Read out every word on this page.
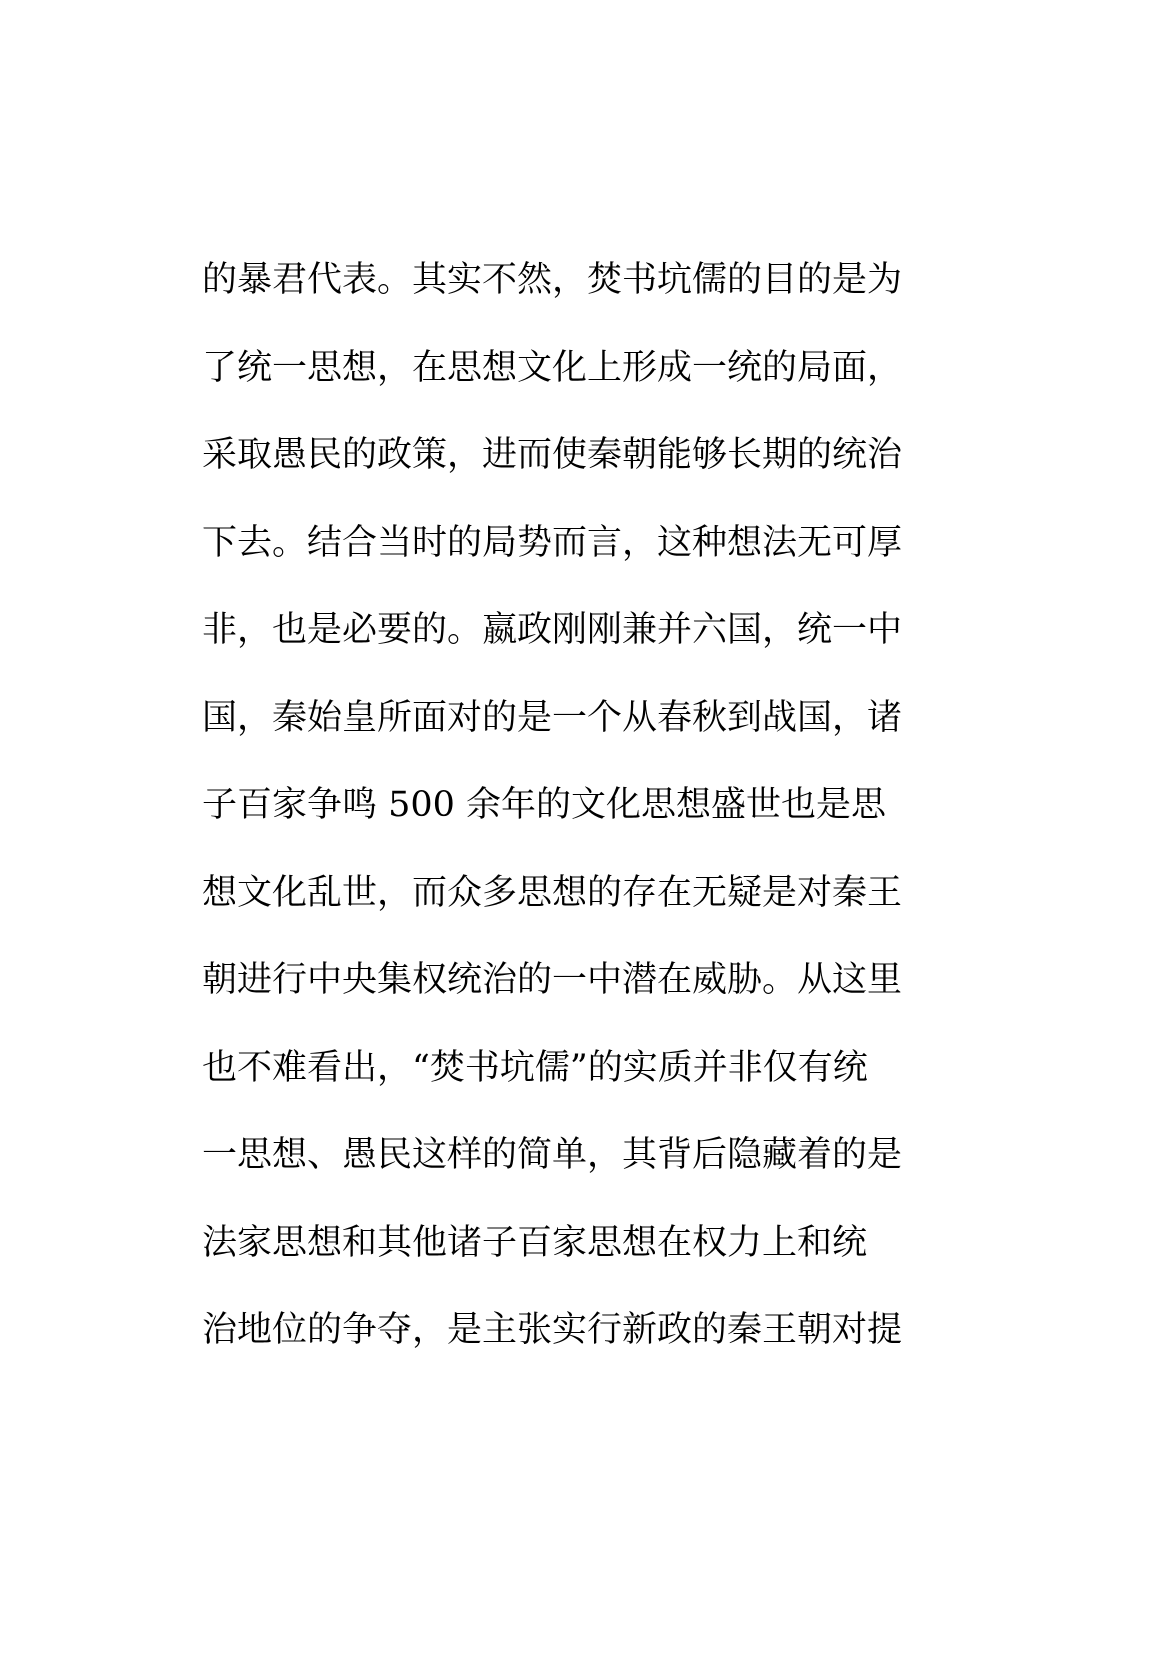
的暴君代表。其实不然，焚书坑儒的目的是为
了统一思想，在思想文化上形成一统的局面，
采取愚民的政策，进而使秦朝能够长期的统治
下去。结合当时的局势而言，这种想法无可厚
非，也是必要的。嬴政刚刚兼并六国，统一中
国，秦始皇所面对的是一个从春秋到战国，诸
子百家争鸣 500 余年的文化思想盛世也是思
想文化乱世，而众多思想的存在无疑是对秦王
朝进行中央集权统治的一中潜在威胁。从这里
也不难看出，“焚书坑儒”的实质并非仅有统
一思想、愚民这样的简单，其背后隐藏着的是
法家思想和其他诸子百家思想在权力上和统
治地位的争夺，是主张实行新政的秦王朝对提
